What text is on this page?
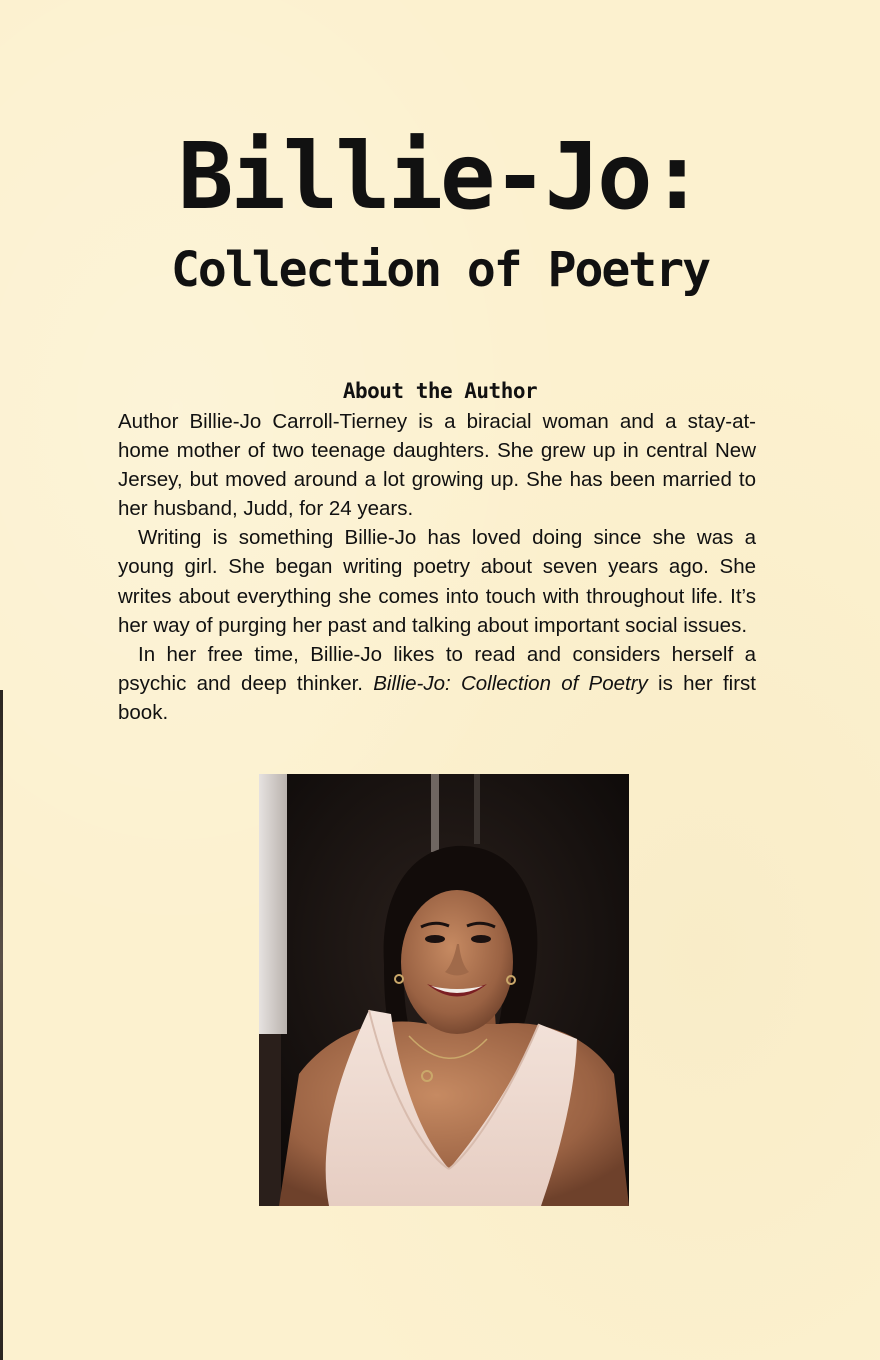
Billie-Jo:
Collection of Poetry
About the Author

Author Billie-Jo Carroll-Tierney is a biracial woman and a stay-at-home mother of two teenage daughters. She grew up in central New Jersey, but moved around a lot growing up. She has been married to her husband, Judd, for 24 years.

Writing is something Billie-Jo has loved doing since she was a young girl. She began writing poetry about seven years ago. She writes about everything she comes into touch with throughout life. It’s her way of purging her past and talking about important social issues.

In her free time, Billie-Jo likes to read and considers herself a psychic and deep thinker. Billie-Jo: Collection of Poetry is her first book.
